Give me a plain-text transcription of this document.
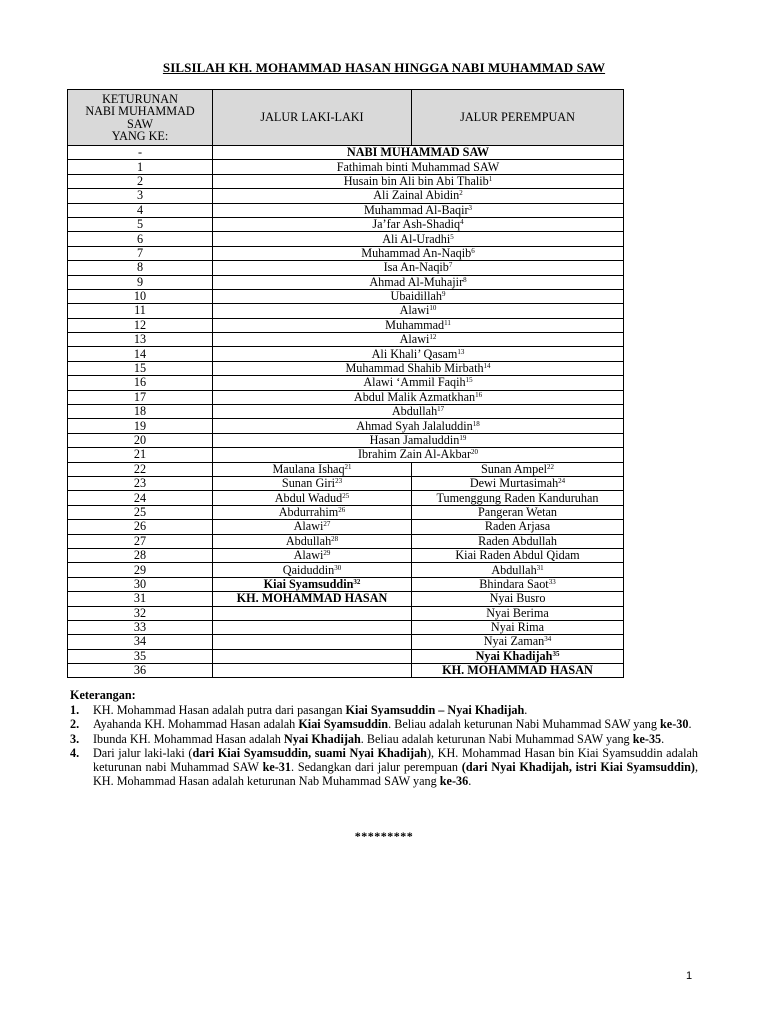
SILSILAH KH. MOHAMMAD HASAN HINGGA NABI MUHAMMAD SAW
KETURUNAN
NABI MUHAMMAD
SAW
YANG KE:	JALUR LAKI-LAKI	JALUR PEREMPUAN
-	NABI MUHAMMAD SAW	
1	Fathimah binti Muhammad SAW	
2	Husain bin Ali bin Abi Thalib$^1$
3	Ali Zainal Abidin$^2$
4	Muhammad Al-Baqir$^3$
5	Ja’far Ash-Shadiq$^4$
6	Ali Al-Uradhi$^5$
7	Muhammad An-Naqib$^6$
8	Isa An-Naqib$^7$
9	Ahmad Al-Muhajir$^8$
10	Ubaidillah$^9$
11	Alawi$^{10}$
12	Muhammad$^{11}$
13	Alawi$^{12}$
14	Ali Khali’ Qasam$^{13}$
15	Muhammad Shahib Mirbath$^{14}$
16	Alawi ‘Ammil Faqih$^{15}$
17	Abdul Malik Azmatkhan$^{16}$
18	Abdullah$^{17}$
19	Ahmad Syah Jalaluddin$^{18}$
20	Hasan Jamaluddin$^{19}$
21	Ibrahim Zain Al-Akbar$^{20}$
22	Maulana Ishaq$^{21}$	Sunan Ampel$^{22}$
23	Sunan Giri$^{23}$	Dewi Murtasimah$^{24}$
24	Abdul Wadud$^{25}$	Tumenggung Raden Kanduruhan
25	Abdurrahim$^{26}$	Pangeran Wetan
26	Alawi$^{27}$	Raden Arjasa
27	Abdullah$^{28}$	Raden Abdullah
28	Alawi$^{29}$	Kiai Raden Abdul Qidam
29	Qaiduddin$^{30}$	Abdullah$^{31}$
30	Kiai Syamsuddin$^{32}$	Bhindara Saot$^{33}$
31	KH. MOHAMMAD HASAN	Nyai Busro
32		Nyai Berima
33		Nyai Rima
34		Nyai Zaman$^{34}$
35		Nyai Khadijah$^{35}$
36		KH. MOHAMMAD HASAN
Keterangan:
1.	KH. Mohammad Hasan adalah putra dari pasangan Kiai Syamsuddin – Nyai Khadijah.
2.	Ayahanda KH. Mohammad Hasan adalah Kiai Syamsuddin. Beliau adalah keturunan Nabi Muhammad SAW yang ke-30.
3.	Ibunda KH. Mohammad Hasan adalah Nyai Khadijah. Beliau adalah keturunan Nabi Muhammad SAW yang ke-35.
4.	Dari jalur laki-laki (dari Kiai Syamsuddin, suami Nyai Khadijah), KH. Mohammad Hasan bin Kiai Syamsuddin adalah keturunan nabi Muhammad SAW ke-31. Sedangkan dari jalur perempuan (dari Nyai Khadijah, istri Kiai Syamsuddin), KH. Mohammad Hasan adalah keturunan Nab Muhammad SAW yang ke-36.
*********
1
